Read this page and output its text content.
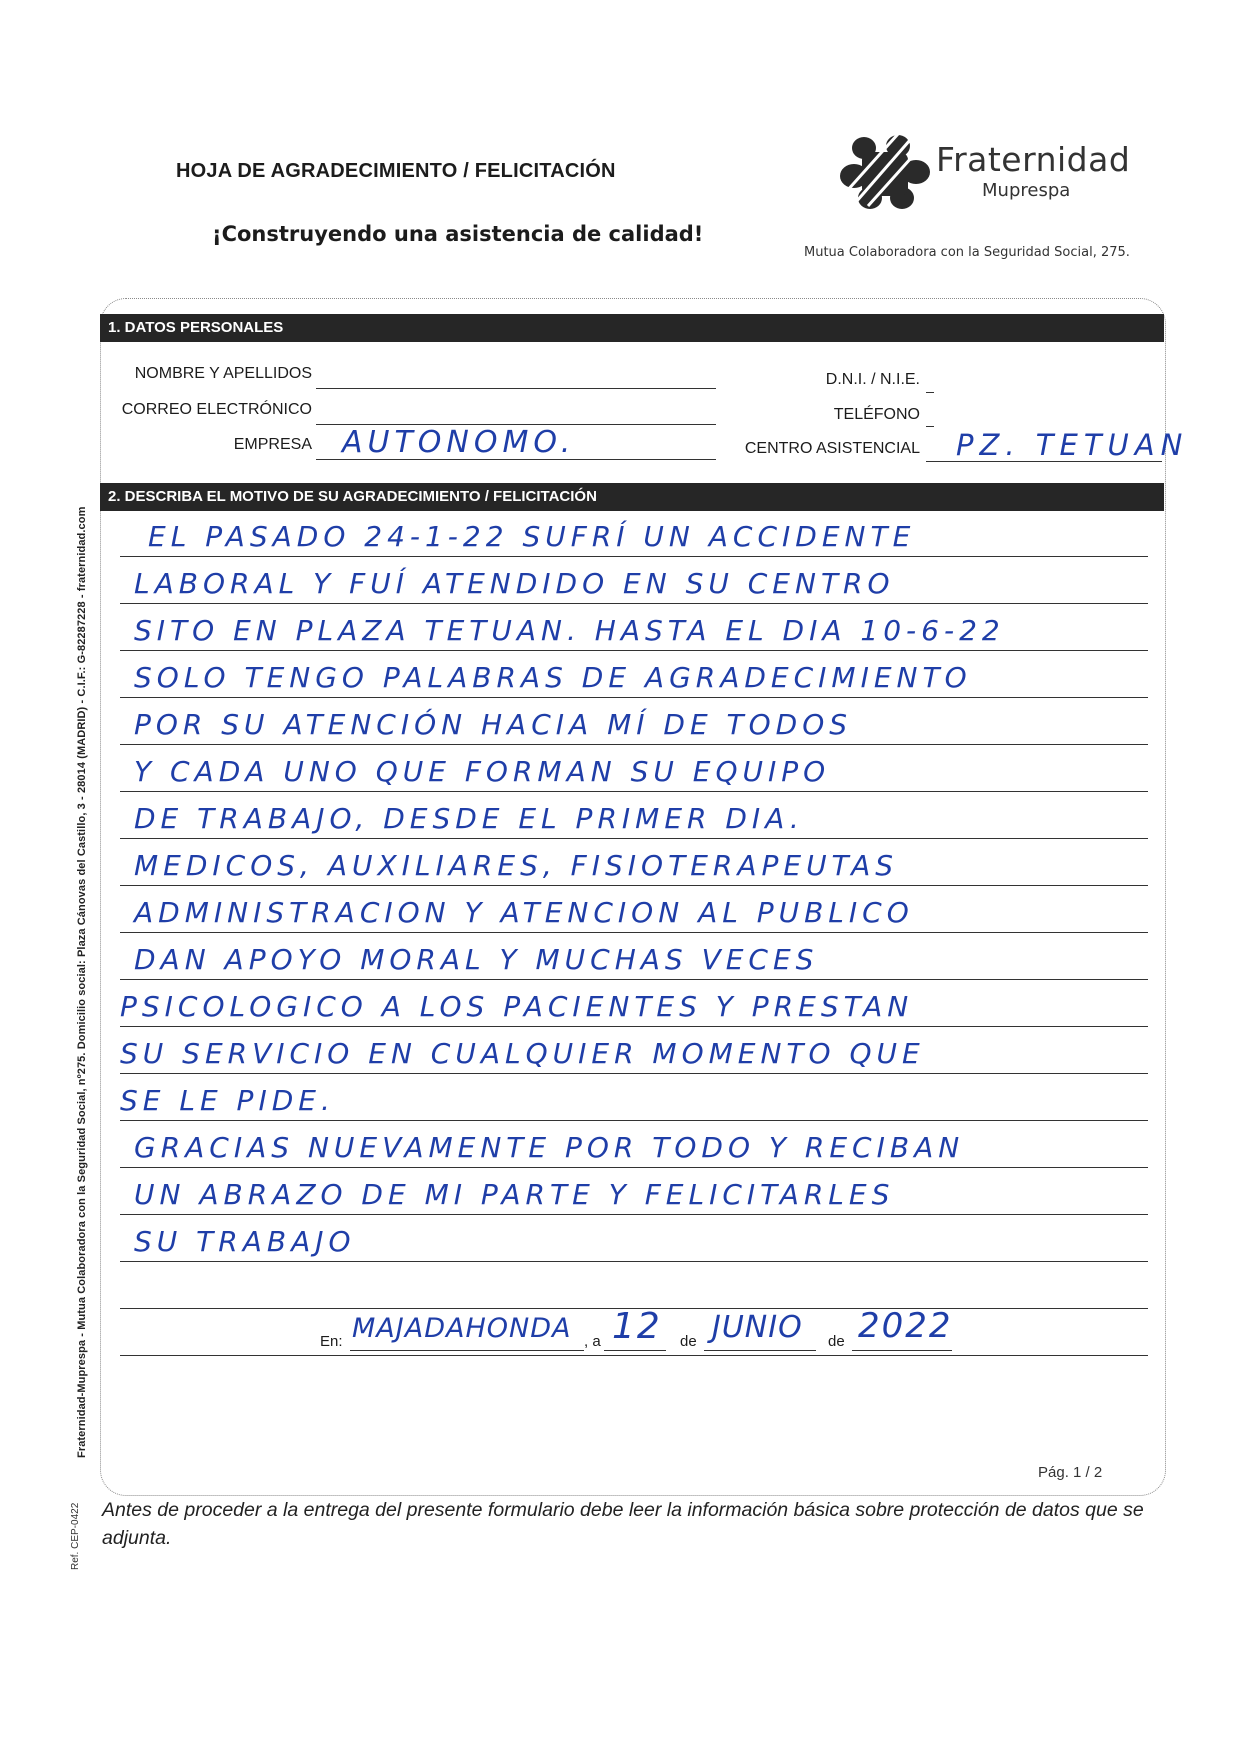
HOJA DE AGRADECIMIENTO / FELICITACIÓN
¡Construyendo una asistencia de calidad!
Fraternidad
Muprespa
Mutua Colaboradora con la Seguridad Social, 275.
Fraternidad-Muprespa - Mutua Colaboradora con la Seguridad Social, nº275. Domicilio social: Plaza Cánovas del Castillo, 3 - 28014 (MADRID) - C.I.F.: G-82287228 - fraternidad.com
Ref. CEP-0422
1. DATOS PERSONALES
NOMBRE Y APELLIDOS
CORREO ELECTRÓNICO
EMPRESA AUTONOMO.
D.N.I. / N.I.E.
TELÉFONO
CENTRO ASISTENCIAL PZ. TETUAN
2. DESCRIBA EL MOTIVO DE SU AGRADECIMIENTO / FELICITACIÓN
EL PASADO 24-1-22 SUFRÍ UN ACCIDENTE
LABORAL Y FUÍ ATENDIDO EN SU CENTRO
SITO EN PLAZA TETUAN. HASTA EL DIA 10-6-22
SOLO TENGO PALABRAS DE AGRADECIMIENTO
POR SU ATENCIÓN HACIA MÍ DE TODOS
Y CADA UNO QUE FORMAN SU EQUIPO
DE TRABAJO, DESDE EL PRIMER DIA.
MEDICOS, AUXILIARES, FISIOTERAPEUTAS
ADMINISTRACION Y ATENCION AL PUBLICO
DAN APOYO MORAL Y MUCHAS VECES
PSICOLOGICO A LOS PACIENTES Y PRESTAN
SU SERVICIO EN CUALQUIER MOMENTO QUE
SE LE PIDE.
GRACIAS NUEVAMENTE POR TODO Y RECIBAN
UN ABRAZO DE MI PARTE Y FELICITARLES
SU TRABAJO
En: MAJADAHONDA , a 12 de JUNIO de 2022
Pág. 1 / 2
Antes de proceder a la entrega del presente formulario debe leer la información básica sobre protección de datos que se adjunta.
